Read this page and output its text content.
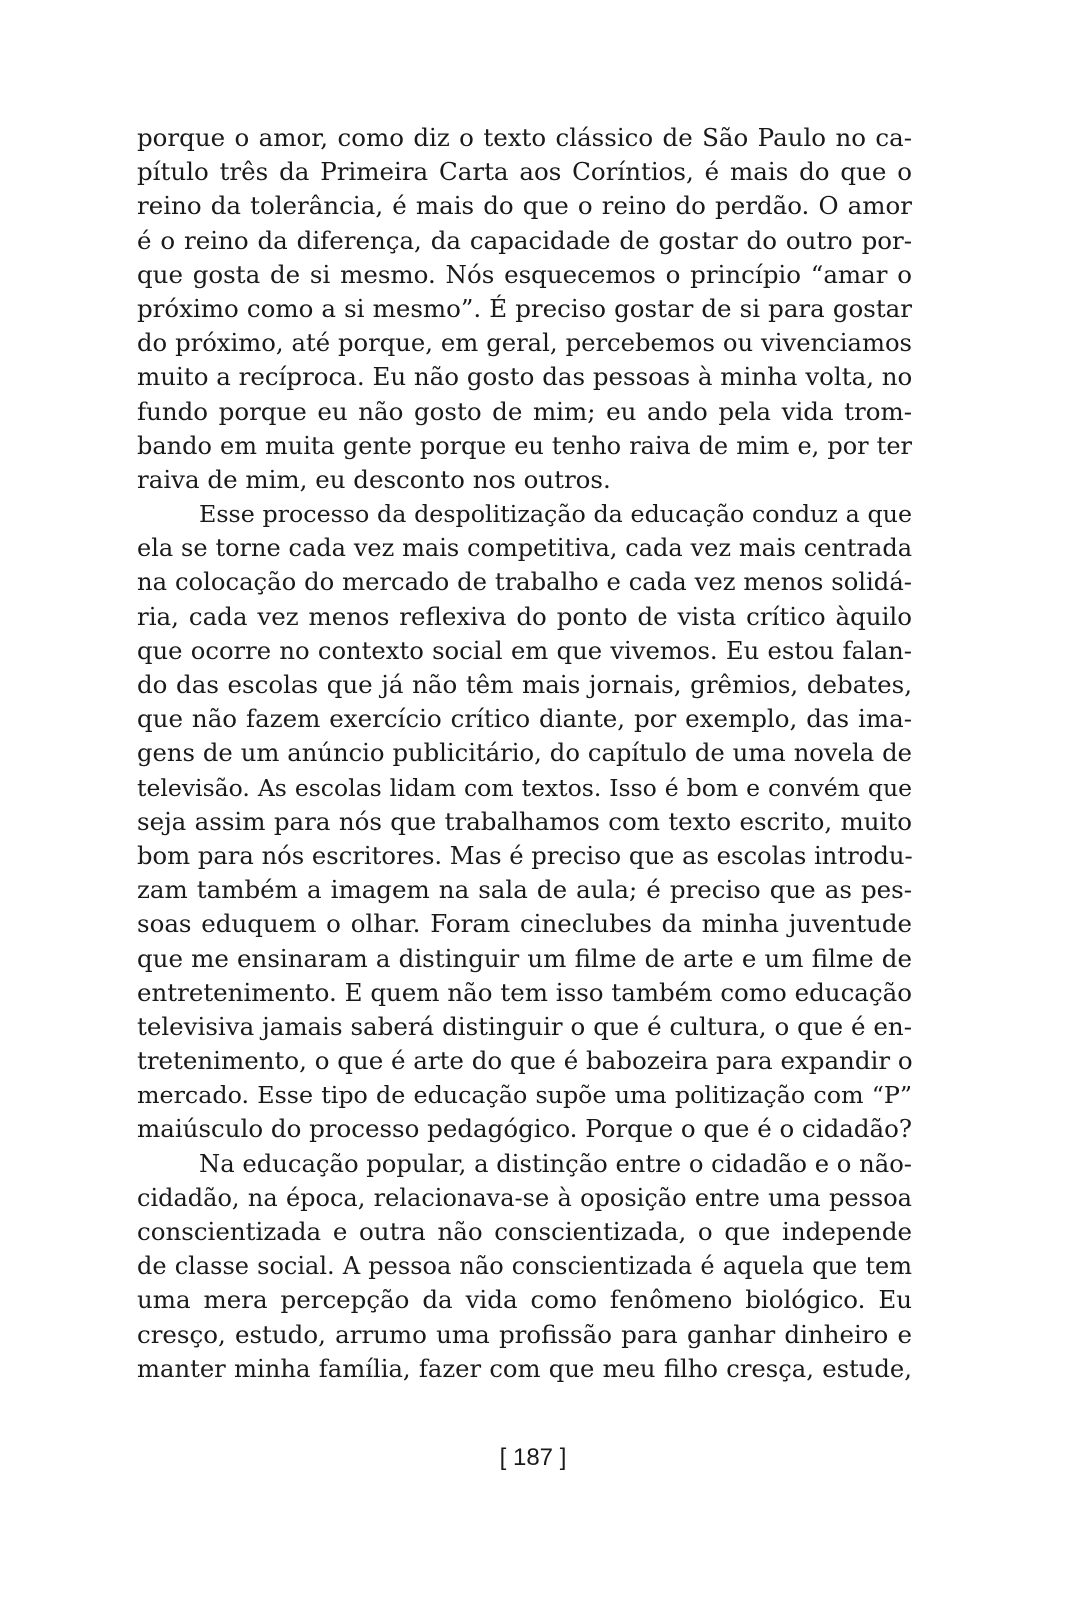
porque o amor, como diz o texto clássico de São Paulo no ca-
pítulo três da Primeira Carta aos Coríntios, é mais do que o
reino da tolerância, é mais do que o reino do perdão. O amor
é o reino da diferença, da capacidade de gostar do outro por-
que gosta de si mesmo. Nós esquecemos o princípio “amar o
próximo como a si mesmo”. É preciso gostar de si para gostar
do próximo, até porque, em geral, percebemos ou vivenciamos
muito a recíproca. Eu não gosto das pessoas à minha volta, no
fundo porque eu não gosto de mim; eu ando pela vida trom-
bando em muita gente porque eu tenho raiva de mim e, por ter
raiva de mim, eu desconto nos outros.
Esse processo da despolitização da educação conduz a que
ela se torne cada vez mais competitiva, cada vez mais centrada
na colocação do mercado de trabalho e cada vez menos solidá-
ria, cada vez menos reflexiva do ponto de vista crítico àquilo
que ocorre no contexto social em que vivemos. Eu estou falan-
do das escolas que já não têm mais jornais, grêmios, debates,
que não fazem exercício crítico diante, por exemplo, das ima-
gens de um anúncio publicitário, do capítulo de uma novela de
televisão. As escolas lidam com textos. Isso é bom e convém que
seja assim para nós que trabalhamos com texto escrito, muito
bom para nós escritores. Mas é preciso que as escolas introdu-
zam também a imagem na sala de aula; é preciso que as pes-
soas eduquem o olhar. Foram cineclubes da minha juventude
que me ensinaram a distinguir um filme de arte e um filme de
entretenimento. E quem não tem isso também como educação
televisiva jamais saberá distinguir o que é cultura, o que é en-
tretenimento, o que é arte do que é babozeira para expandir o
mercado. Esse tipo de educação supõe uma politização com “P”
maiúsculo do processo pedagógico. Porque o que é o cidadão?
Na educação popular, a distinção entre o cidadão e o não-
cidadão, na época, relacionava-se à oposição entre uma pessoa
conscientizada e outra não conscientizada, o que independe
de classe social. A pessoa não conscientizada é aquela que tem
uma mera percepção da vida como fenômeno biológico. Eu
cresço, estudo, arrumo uma profissão para ganhar dinheiro e
manter minha família, fazer com que meu filho cresça, estude,
[ 187 ]
